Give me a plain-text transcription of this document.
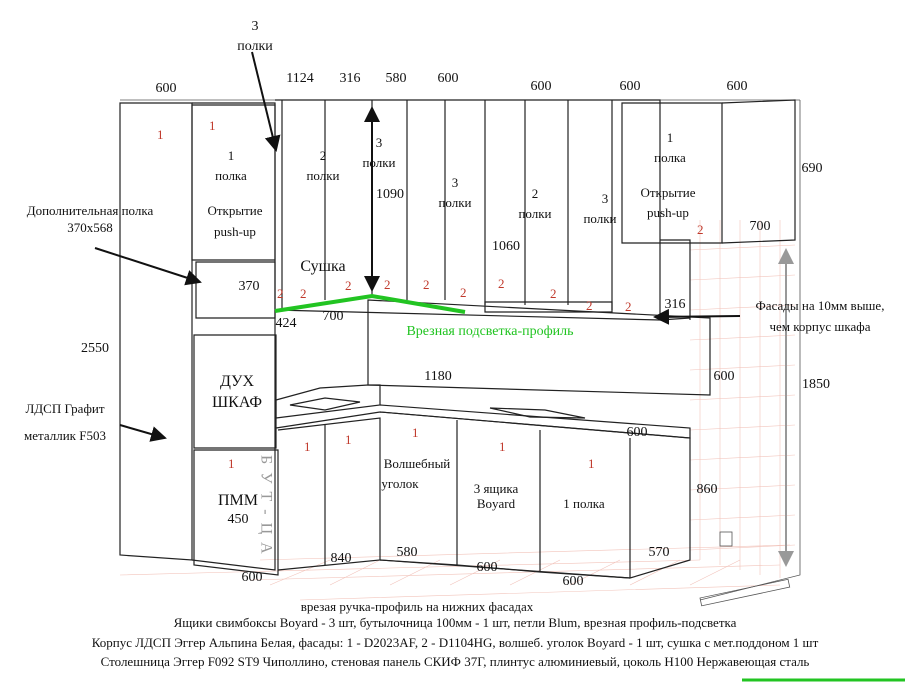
3
полки
600
1124 316 580 600
600	600	600
690
700
1090
1060
370
424 700
316
2550
1180	600
1850
600
860
450
840	580
600
600
570
600
Дополнительная полка
370x568
ЛДСП Графит
металлик F503
Фасады на 10мм выше,
чем корпус шкафа
1
полка
Открытие
push-up
2
полки
3
полки
3
полки
2
полки
3
полки
1
полка
Открытие
push-up
Сушка
ДУХ
ШКАФ
ПММ
Волшебный
уголок	3 ящика
Boyard	1 полка
Б У Т - Ц А
1
1
2
2 2
2	2	2
2
2
2
2	2
1
1	1	1
1
1
Врезная подсветка-профиль
врезая ручка-профиль на нижних фасадах
Ящики свимбоксы Boyard - 3 шт, бутылочница 100мм - 1 шт, петли Blum, врезная профиль-подсветка
Корпус ЛДСП Эггер Альпина Белая, фасады: 1 - D2023AF, 2 - D1104HG, волшеб. уголок Boyard - 1 шт, сушка с мет.поддоном 1 шт
Столешница Эггер F092 ST9 Чиполлино, стеновая панель СКИФ 37Г, плинтус алюминиевый, цоколь Н100 Нержавеющая сталь
